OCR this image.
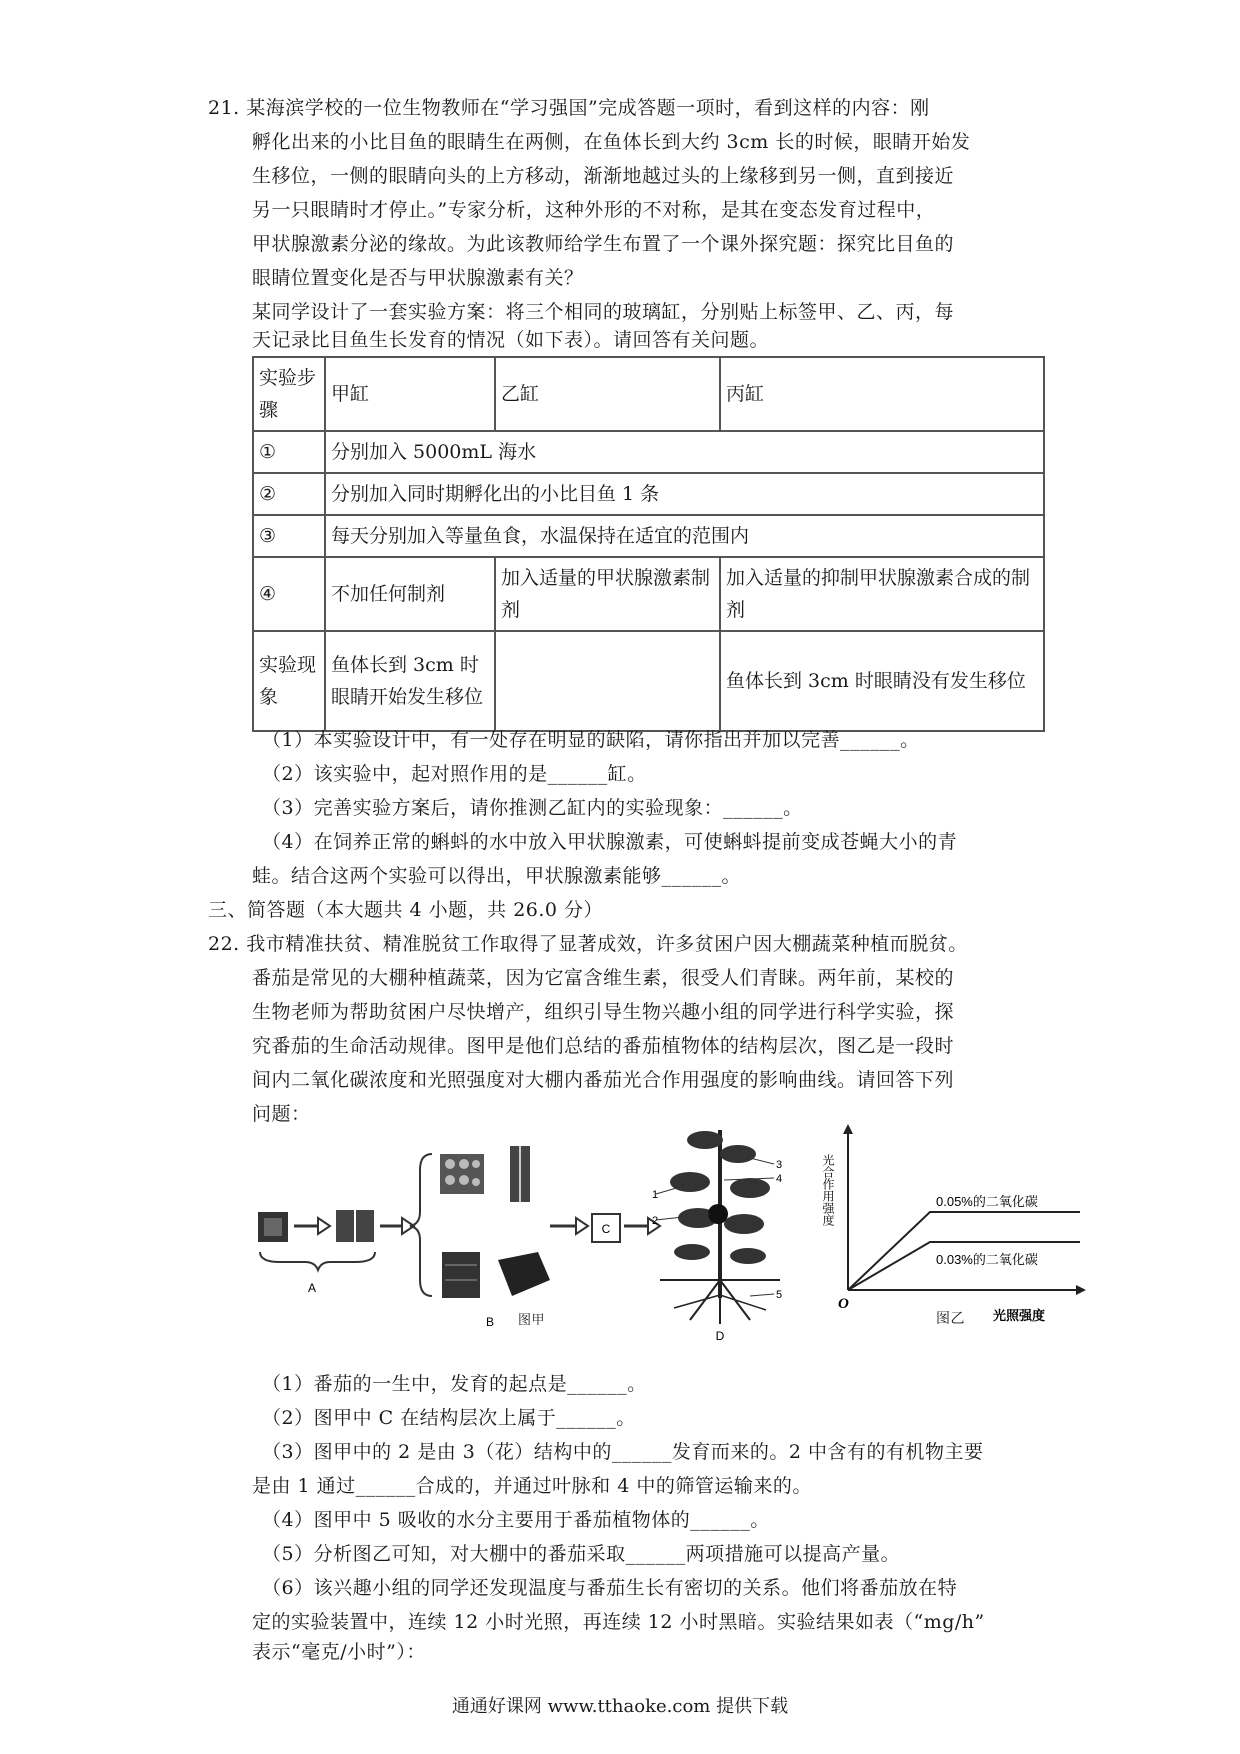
21. 某海滨学校的一位生物教师在“学习强国”完成答题一项时，看到这样的内容：刚
孵化出来的小比目鱼的眼睛生在两侧，在鱼体长到大约 3cm 长的时候，眼睛开始发
生移位，一侧的眼睛向头的上方移动，渐渐地越过头的上缘移到另一侧，直到接近
另一只眼睛时才停止。”专家分析，这种外形的不对称，是其在变态发育过程中，
甲状腺激素分泌的缘故。为此该教师给学生布置了一个课外探究题：探究比目鱼的
眼睛位置变化是否与甲状腺激素有关？
某同学设计了一套实验方案：将三个相同的玻璃缸，分别贴上标签甲、乙、丙，每
天记录比目鱼生长发育的情况（如下表）。请回答有关问题。
实验步骤	甲缸	乙缸	丙缸
①	分别加入 5000mL 海水		
②	分别加入同时期孵化出的小比目鱼 1 条		
③	每天分别加入等量鱼食，水温保持在适宜的范围内		
④	不加任何制剂	加入适量的甲状腺激素制剂	加入适量的抑制甲状腺激素合成的制剂
实验现象	鱼体长到 3cm 时眼睛开始发生移位		鱼体长到 3cm 时眼睛没有发生移位
（1）本实验设计中，有一处存在明显的缺陷，请你指出并加以完善______。
（2）该实验中，起对照作用的是______缸。
（3）完善实验方案后，请你推测乙缸内的实验现象：______。
（4）在饲养正常的蝌蚪的水中放入甲状腺激素，可使蝌蚪提前变成苍蝇大小的青
蛙。结合这两个实验可以得出，甲状腺激素能够______。
三、简答题（本大题共 4 小题，共 26.0 分）
22. 我市精准扶贫、精准脱贫工作取得了显著成效，许多贫困户因大棚蔬菜种植而脱贫。
番茄是常见的大棚种植蔬菜，因为它富含维生素，很受人们青睐。两年前，某校的
生物老师为帮助贫困户尽快增产，组织引导生物兴趣小组的同学进行科学实验，探
究番茄的生命活动规律。图甲是他们总结的番茄植物体的结构层次，图乙是一段时
间内二氧化碳浓度和光照强度对大棚内番茄光合作用强度的影响曲线。请回答下列
问题：
A
B
C
1
2
3
4
5
D
图甲
O
光合作用强度
光照强度
0.05%的二氧化碳
0.03%的二氧化碳
图乙
（1）番茄的一生中，发育的起点是______。
（2）图甲中 C 在结构层次上属于______。
（3）图甲中的 2 是由 3（花）结构中的______发育而来的。2 中含有的有机物主要
是由 1 通过______合成的，并通过叶脉和 4 中的筛管运输来的。
（4）图甲中 5 吸收的水分主要用于番茄植物体的______。
（5）分析图乙可知，对大棚中的番茄采取______两项措施可以提高产量。
（6）该兴趣小组的同学还发现温度与番茄生长有密切的关系。他们将番茄放在特
定的实验装置中，连续 12 小时光照，再连续 12 小时黑暗。实验结果如表（“mg/h”
表示“毫克/小时”）：
通通好课网 www.tthaoke.com 提供下载
